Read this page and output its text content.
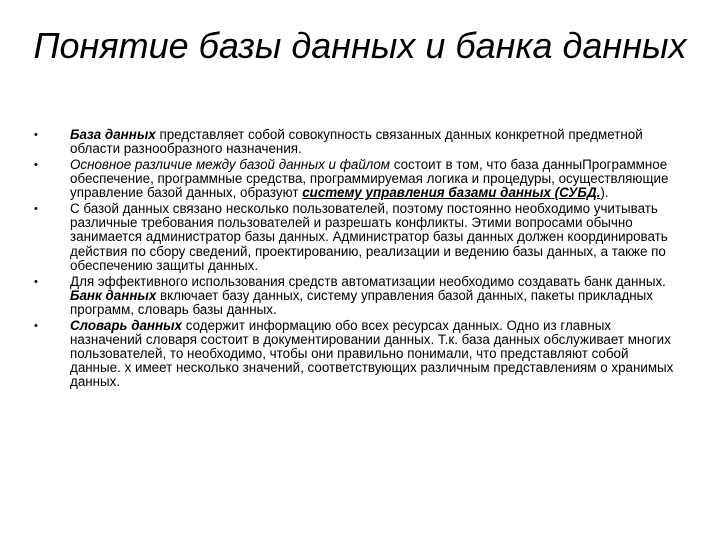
Понятие базы данных и банка данных
• База данных представляет собой совокупность связанных данных конкретной предметной области разнообразного назначения.
• Основное различие между базой данных и файлом состоит в том, что база данныПрограммное обеспечение, программные средства, программируемая логика и процедуры, осуществляющие управление базой данных, образуют систему управления базами данных (СУБД.).
• С базой данных связано несколько пользователей, поэтому постоянно необходимо учитывать различные требования пользователей и разрешать конфликты. Этими вопросами обычно занимается администратор базы данных. Администратор базы данных должен координировать действия по сбору сведений, проектированию, реализации и ведению базы данных, а также по обеспечению защиты данных.
• Для эффективного использования средств автоматизации необходимо создавать банк данных. Банк данных включает базу данных, систему управления базой данных, пакеты прикладных программ, словарь базы данных.
• Словарь данных содержит информацию обо всех ресурсах данных. Одно из главных назначений словаря состоит в документировании данных. Т.к. база данных обслуживает многих пользователей, то необходимо, чтобы они правильно понимали, что представляют собой данные. х имеет несколько значений, соответствующих различным представлениям о хранимых данных.
